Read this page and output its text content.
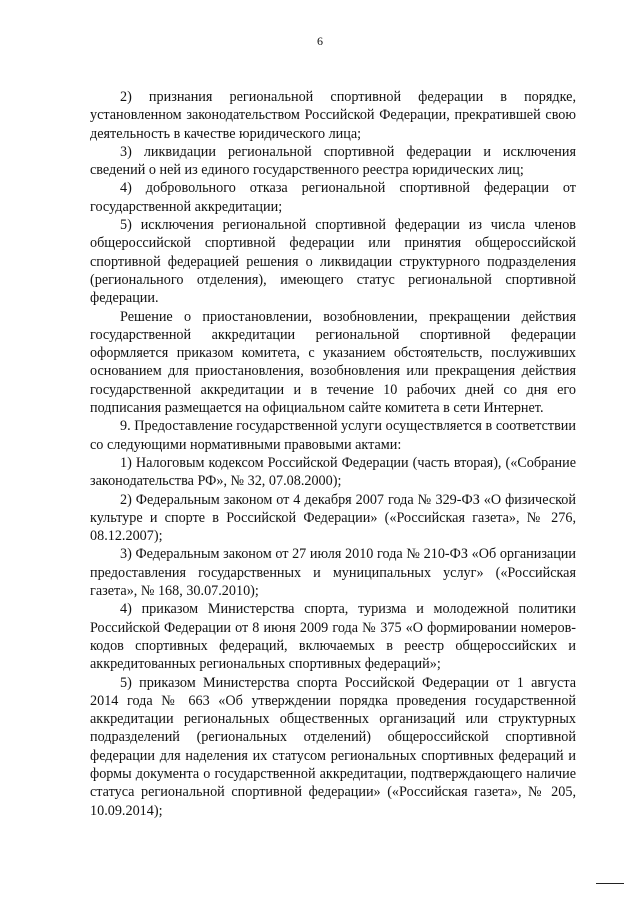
6

2) признания региональной спортивной федерации в порядке, установленном законодательством Российской Федерации, прекратившей свою деятельность в качестве юридического лица;

3) ликвидации региональной спортивной федерации и исключения сведений о ней из единого государственного реестра юридических лиц;

4) добровольного отказа региональной спортивной федерации от государственной аккредитации;

5) исключения региональной спортивной федерации из числа членов общероссийской спортивной федерации или принятия общероссийской спортивной федерацией решения о ликвидации структурного подразделения (регионального отделения), имеющего статус региональной спортивной федерации.

Решение о приостановлении, возобновлении, прекращении действия государственной аккредитации региональной спортивной федерации оформляется приказом комитета, с указанием обстоятельств, послуживших основанием для приостановления, возобновления или прекращения действия государственной аккредитации и в течение 10 рабочих дней со дня его подписания размещается на официальном сайте комитета в сети Интернет.

9. Предоставление государственной услуги осуществляется в соответствии со следующими нормативными правовыми актами:

1) Налоговым кодексом Российской Федерации (часть вторая), («Собрание законодательства РФ», № 32, 07.08.2000);

2) Федеральным законом от 4 декабря 2007 года № 329-ФЗ «О физической культуре и спорте в Российской Федерации» («Российская газета», № 276, 08.12.2007);

3) Федеральным законом от 27 июля 2010 года № 210-ФЗ «Об организации предоставления государственных и муниципальных услуг» («Российская газета», № 168, 30.07.2010);

4) приказом Министерства спорта, туризма и молодежной политики Российской Федерации от 8 июня 2009 года № 375 «О формировании номеров-кодов спортивных федераций, включаемых в реестр общероссийских и аккредитованных региональных спортивных федераций»;

5) приказом Министерства спорта Российской Федерации от 1 августа 2014 года № 663 «Об утверждении порядка проведения государственной аккредитации региональных общественных организаций или структурных подразделений (региональных отделений) общероссийской спортивной федерации для наделения их статусом региональных спортивных федераций и формы документа о государственной аккредитации, подтверждающего наличие статуса региональной спортивной федерации» («Российская газета», № 205, 10.09.2014);
